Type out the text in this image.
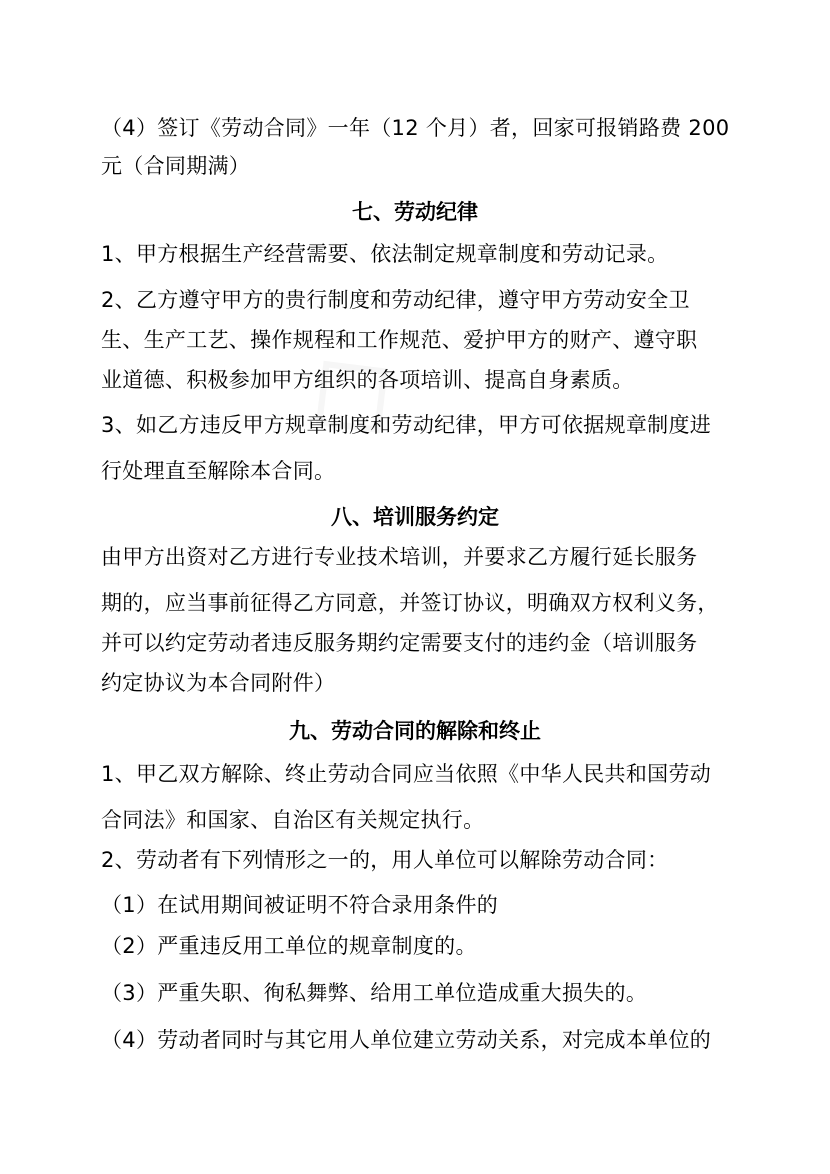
（4）签订《劳动合同》一年（12 个月）者，回家可报销路费 200
元（合同期满）
七、劳动纪律
1、甲方根据生产经营需要、依法制定规章制度和劳动记录。
2、乙方遵守甲方的贵行制度和劳动纪律，遵守甲方劳动安全卫
生、生产工艺、操作规程和工作规范、爱护甲方的财产、遵守职
业道德、积极参加甲方组织的各项培训、提高自身素质。
3、如乙方违反甲方规章制度和劳动纪律，甲方可依据规章制度进
行处理直至解除本合同。
八、培训服务约定
由甲方出资对乙方进行专业技术培训，并要求乙方履行延长服务
期的，应当事前征得乙方同意，并签订协议，明确双方权利义务，
并可以约定劳动者违反服务期约定需要支付的违约金（培训服务
约定协议为本合同附件）
九、劳动合同的解除和终止
1、甲乙双方解除、终止劳动合同应当依照《中华人民共和国劳动
合同法》和国家、自治区有关规定执行。
2、劳动者有下列情形之一的，用人单位可以解除劳动合同：
（1）在试用期间被证明不符合录用条件的
（2）严重违反用工单位的规章制度的。
（3）严重失职、徇私舞弊、给用工单位造成重大损失的。
（4）劳动者同时与其它用人单位建立劳动关系，对完成本单位的
